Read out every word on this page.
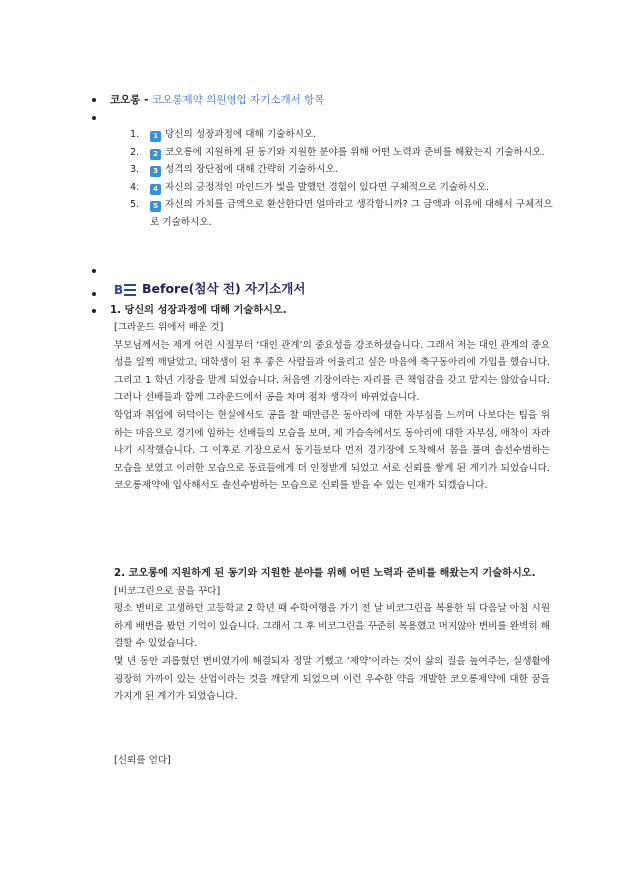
코오롱 - 코오롱제약 의원영업 자기소개서 항목
1. 1 당신의 성장과정에 대해 기술하시오.
2. 2 코오롱에 지원하게 된 동기와 지원한 분야를 위해 어떤 노력과 준비를 해왔는지 기술하시오.
3. 3 성격의 장단점에 대해 간략히 기술하시오.
4. 4 자신의 긍정적인 마인드가 빛을 발했던 경험이 있다면 구체적으로 기술하시오.
5. 5 자신의 가치를 금액으로 환산한다면 얼마라고 생각합니까? 그 금액과 이유에 대해서 구체적으로 기술하시오.
B Before(첨삭 전) 자기소개서
1. 당신의 성장과정에 대해 기술하시오.
[그라운드 위에서 배운 것]
부모님께서는 제게 어린 시절부터 ‘대인 관계’의 중요성을 강조하셨습니다. 그래서 저는 대인 관계의 중요성을 일찍 깨달았고, 대학생이 된 후 좋은 사람들과 어울리고 싶은 마음에 축구동아리에 가입을 했습니다. 그리고 1 학년 기장을 맡게 되었습니다. 처음엔 기장이라는 자리를 큰 책임감을 갖고 맡지는 않았습니다. 그러나 선배들과 함께 그라운드에서 공을 차며 점차 생각이 바뀌었습니다.
학업과 취업에 허덕이는 현실에서도 공을 찰 때만큼은 동아리에 대한 자부심을 느끼며 나보다는 팀을 위하는 마음으로 경기에 임하는 선배들의 모습을 보며, 제 가슴속에서도 동아리에 대한 자부심, 애착이 자라나기 시작했습니다. 그 이후로 기장으로서 동기들보다 먼저 경기장에 도착해서 몸을 풀며 솔선수범하는 모습을 보였고 이러한 모습으로 동료들에게 더 인정받게 되었고 서로 신뢰를 쌓게 된 계기가 되었습니다. 코오롱제약에 입사해서도 솔선수범하는 모습으로 신뢰를 받을 수 있는 인재가 되겠습니다.
2. 코오롱에 지원하게 된 동기와 지원한 분야를 위해 어떤 노력과 준비를 해왔는지 기술하시오.
[비코그린으로 꿈을 꾸다]
평소 변비로 고생하던 고등학교 2 학년 때 수학여행을 가기 전 날 비코그린을 복용한 뒤 다음날 아침 시원하게 배변을 봤던 기억이 있습니다. 그래서 그 후 비코그린을 꾸준히 복용했고 머지않아 변비를 완벽히 해결할 수 있었습니다.
몇 년 동안 괴롭혔던 변비였기에 해결되자 정말 기뻤고 ‘제약’이라는 것이 삶의 질을 높여주는, 실생활에 굉장히 가까이 있는 산업이라는 것을 깨닫게 되었으며 이런 우수한 약을 개발한 코오롱제약에 대한 꿈을 가지게 된 계기가 되었습니다.
[신뢰를 얻다]
